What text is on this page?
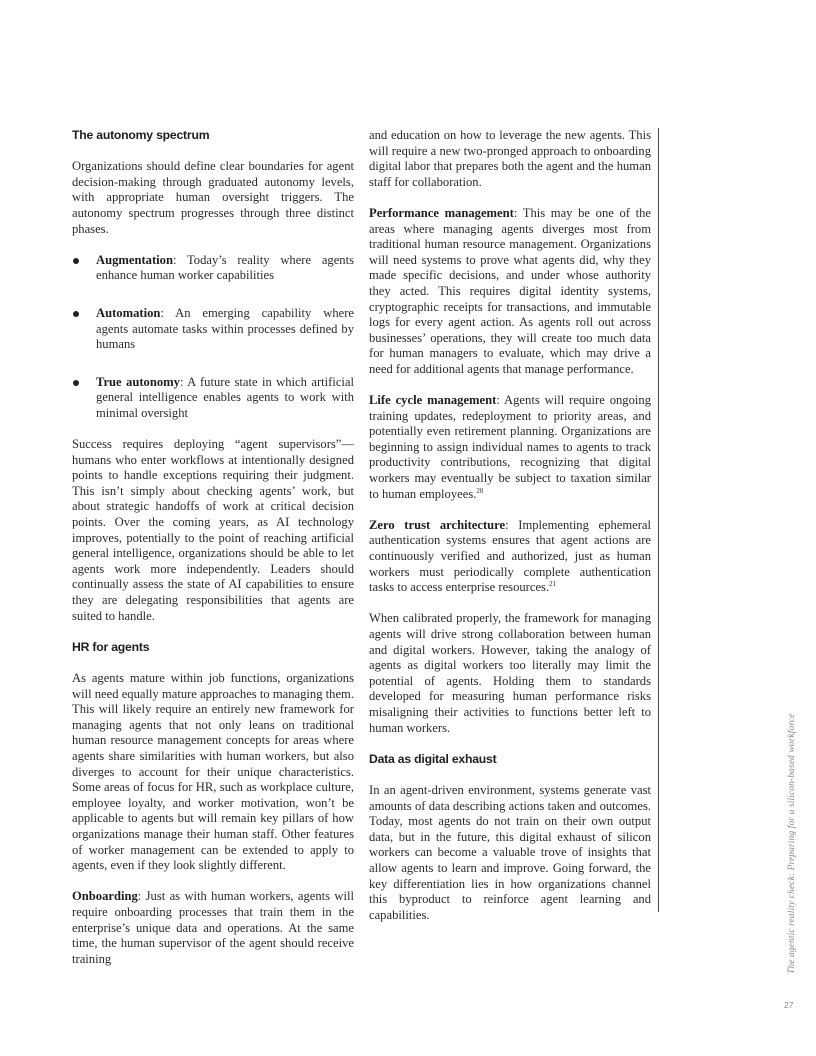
The autonomy spectrum

Organizations should define clear boundaries for agent decision-making through graduated autonomy levels, with appropriate human oversight triggers. The autonomy spectrum progresses through three distinct phases.

Augmentation: Today’s reality where agents enhance human worker capabilities
Automation: An emerging capability where agents automate tasks within processes defined by humans
True autonomy: A future state in which artificial general intelligence enables agents to work with minimal oversight

Success requires deploying “agent supervisors”—humans who enter workflows at intentionally designed points to handle exceptions requiring their judgment. This isn’t simply about checking agents’ work, but about strategic handoffs of work at critical decision points. Over the coming years, as AI technology improves, potentially to the point of reaching artificial general intelligence, organizations should be able to let agents work more independently. Leaders should continually assess the state of AI capabilities to ensure they are delegating responsibilities that agents are suited to handle.

HR for agents

As agents mature within job functions, organizations will need equally mature approaches to managing them. This will likely require an entirely new framework for managing agents that not only leans on traditional human resource management concepts for areas where agents share similarities with human workers, but also diverges to account for their unique characteristics. Some areas of focus for HR, such as workplace culture, employee loyalty, and worker motivation, won’t be applicable to agents but will remain key pillars of how organizations manage their human staff. Other features of worker management can be extended to apply to agents, even if they look slightly different.

Onboarding: Just as with human workers, agents will require onboarding processes that train them in the enterprise’s unique data and operations. At the same time, the human supervisor of the agent should receive training

and education on how to leverage the new agents. This will require a new two-pronged approach to onboarding digital labor that prepares both the agent and the human staff for collaboration.

Performance management: This may be one of the areas where managing agents diverges most from traditional human resource management. Organizations will need systems to prove what agents did, why they made specific decisions, and under whose authority they acted. This requires digital identity systems, cryptographic receipts for transactions, and immutable logs for every agent action. As agents roll out across businesses’ operations, they will create too much data for human managers to evaluate, which may drive a need for additional agents that manage performance.

Life cycle management: Agents will require ongoing training updates, redeployment to priority areas, and potentially even retirement planning. Organizations are beginning to assign individual names to agents to track productivity contributions, recognizing that digital workers may eventually be subject to taxation similar to human employees.$^{20}$

Zero trust architecture: Implementing ephemeral authentication systems ensures that agent actions are continuously verified and authorized, just as human workers must periodically complete authentication tasks to access enterprise resources.$^{21}$

When calibrated properly, the framework for managing agents will drive strong collaboration between human and digital workers. However, taking the analogy of agents as digital workers too literally may limit the potential of agents. Holding them to standards developed for measuring human performance risks misaligning their activities to functions better left to human workers.

Data as digital exhaust

In an agent-driven environment, systems generate vast amounts of data describing actions taken and outcomes. Today, most agents do not train on their own output data, but in the future, this digital exhaust of silicon workers can become a valuable trove of insights that allow agents to learn and improve. Going forward, the key differentiation lies in how organizations channel this byproduct to reinforce agent learning and capabilities.	The agentic reality check: Preparing for a silicon-based workforce
27
